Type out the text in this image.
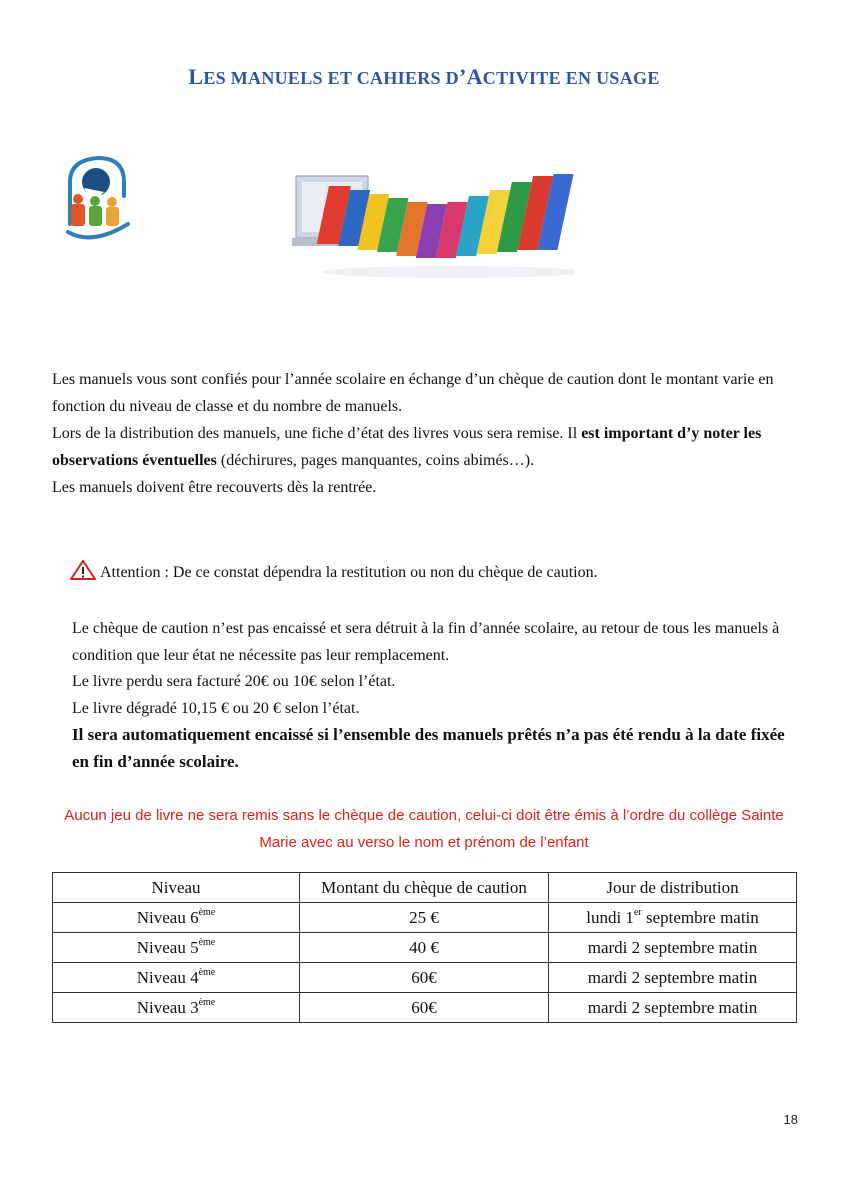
LES MANUELS ET CAHIERS D’ACTIVITE EN USAGE

Les manuels vous sont confiés pour l’année scolaire en échange d’un chèque de caution dont le montant varie en fonction du niveau de classe et du nombre de manuels.

Lors de la distribution des manuels, une fiche d’état des livres vous sera remise. Il est important d’y noter les observations éventuelles (déchirures, pages manquantes, coins abimés…).

Les manuels doivent être recouverts dès la rentrée.

Attention : De ce constat dépendra la restitution ou non du chèque de caution.

Le chèque de caution n’est pas encaissé et sera détruit à la fin d’année scolaire, au retour de tous les manuels à condition que leur état ne nécessite pas leur remplacement.

Le livre perdu sera facturé 20€ ou 10€ selon l’état.

Le livre dégradé 10,15 € ou 20 € selon l’état.

Il sera automatiquement encaissé si l’ensemble des manuels prêtés n’a pas été rendu à la date fixée en fin d’année scolaire.

Aucun jeu de livre ne sera remis sans le chèque de caution, celui-ci doit être émis à l’ordre du collège Sainte
Marie avec au verso le nom et prénom de l’enfant
Niveau	Montant du chèque de caution	Jour de distribution
Niveau 6ème	25 €	lundi 1er septembre matin
Niveau 5ème	40 €	mardi 2 septembre matin
Niveau 4ème	60€	mardi 2 septembre matin
Niveau 3ème	60€	mardi 2 septembre matin
18
